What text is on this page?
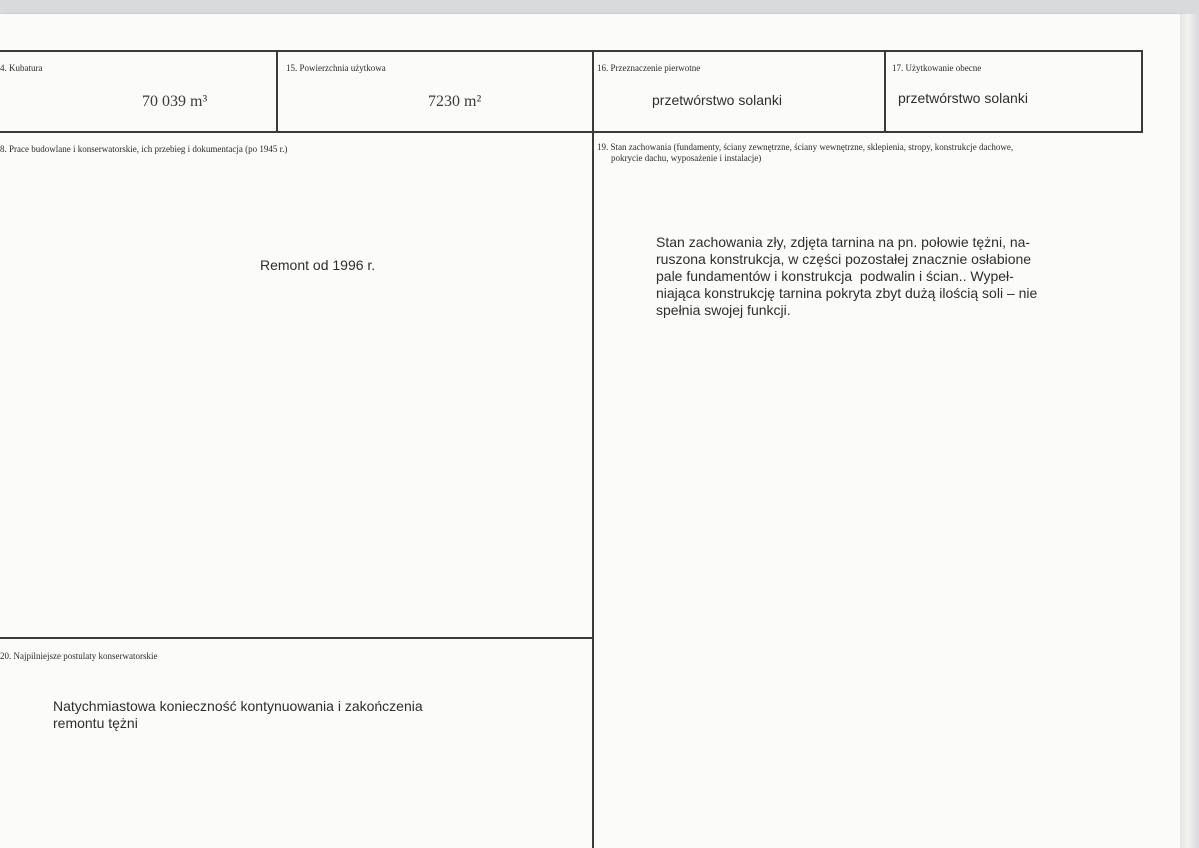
4. Kubatura
70 039 m³
15. Powierzchnia użytkowa
7230 m²
16. Przeznaczenie pierwotne
przetwórstwo solanki
17. Użytkowanie obecne
przetwórstwo solanki
8. Prace budowlane i konserwatorskie, ich przebieg i dokumentacja (po 1945 r.)
Remont od 1996 r.
19. Stan zachowania (fundamenty, ściany zewnętrzne, ściany wewnętrzne, sklepienia, stropy, konstrukcje dachowe,
pokrycie dachu, wyposażenie i instalacje)
Stan zachowania zły, zdjęta tarnina na pn. połowie tężni, na-
ruszona konstrukcja, w części pozostałej znacznie osłabione
pale fundamentów i konstrukcja  podwalin i ścian.. Wypeł-
niająca konstrukcję tarnina pokryta zbyt dużą ilością soli – nie
spełnia swojej funkcji.
20. Najpilniejsze postulaty konserwatorskie
Natychmiastowa konieczność kontynuowania i zakończenia
remontu tężni
